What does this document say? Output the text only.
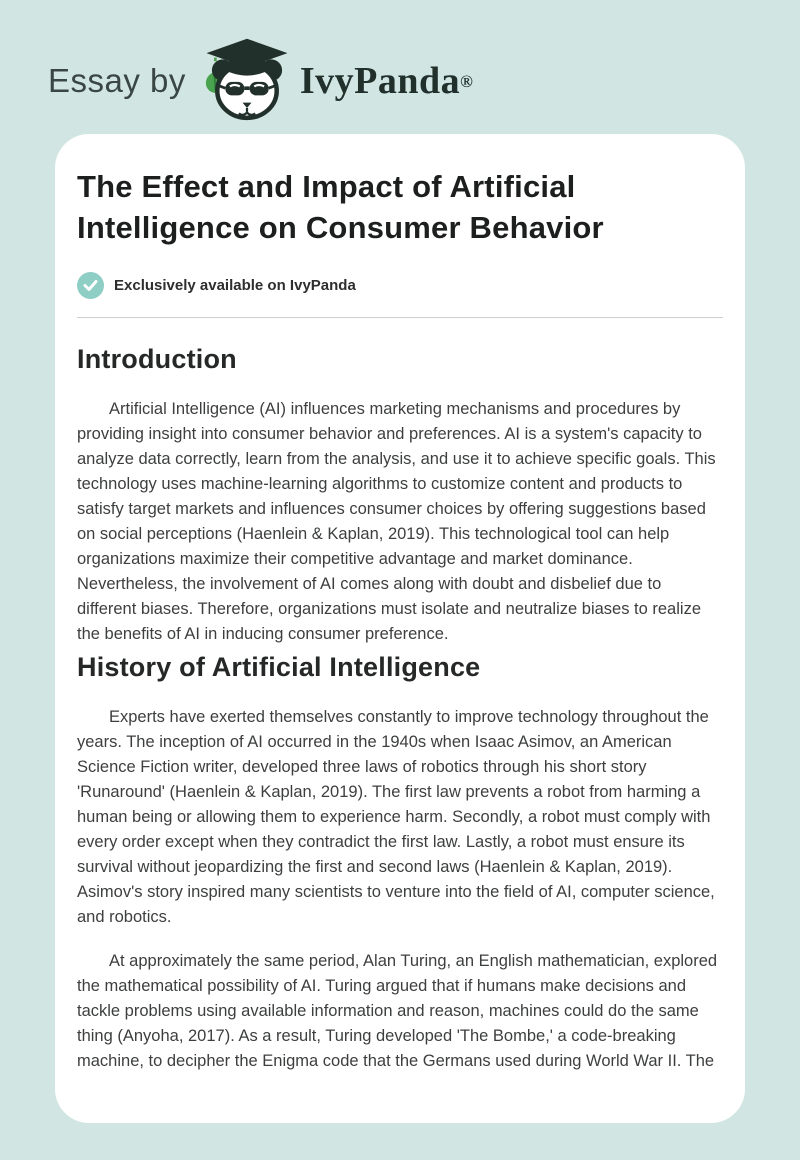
Essay by	IvyPanda ®
The Effect and Impact of Artificial Intelligence on Consumer Behavior
Exclusively available on IvyPanda
Introduction

Artificial Intelligence (AI) influences marketing mechanisms and procedures by providing insight into consumer behavior and preferences. AI is a system's capacity to analyze data correctly, learn from the analysis, and use it to achieve specific goals. This technology uses machine-learning algorithms to customize content and products to satisfy target markets and influences consumer choices by offering suggestions based on social perceptions (Haenlein & Kaplan, 2019). This technological tool can help organizations maximize their competitive advantage and market dominance. Nevertheless, the involvement of AI comes along with doubt and disbelief due to different biases. Therefore, organizations must isolate and neutralize biases to realize the benefits of AI in inducing consumer preference.

History of Artificial Intelligence

Experts have exerted themselves constantly to improve technology throughout the years. The inception of AI occurred in the 1940s when Isaac Asimov, an American Science Fiction writer, developed three laws of robotics through his short story 'Runaround' (Haenlein & Kaplan, 2019). The first law prevents a robot from harming a human being or allowing them to experience harm. Secondly, a robot must comply with every order except when they contradict the first law. Lastly, a robot must ensure its survival without jeopardizing the first and second laws (Haenlein & Kaplan, 2019). Asimov's story inspired many scientists to venture into the field of AI, computer science, and robotics.

At approximately the same period, Alan Turing, an English mathematician, explored the mathematical possibility of AI. Turing argued that if humans make decisions and tackle problems using available information and reason, machines could do the same thing (Anyoha, 2017). As a result, Turing developed 'The Bombe,' a code-breaking machine, to decipher the Enigma code that the Germans used during World War II. The
